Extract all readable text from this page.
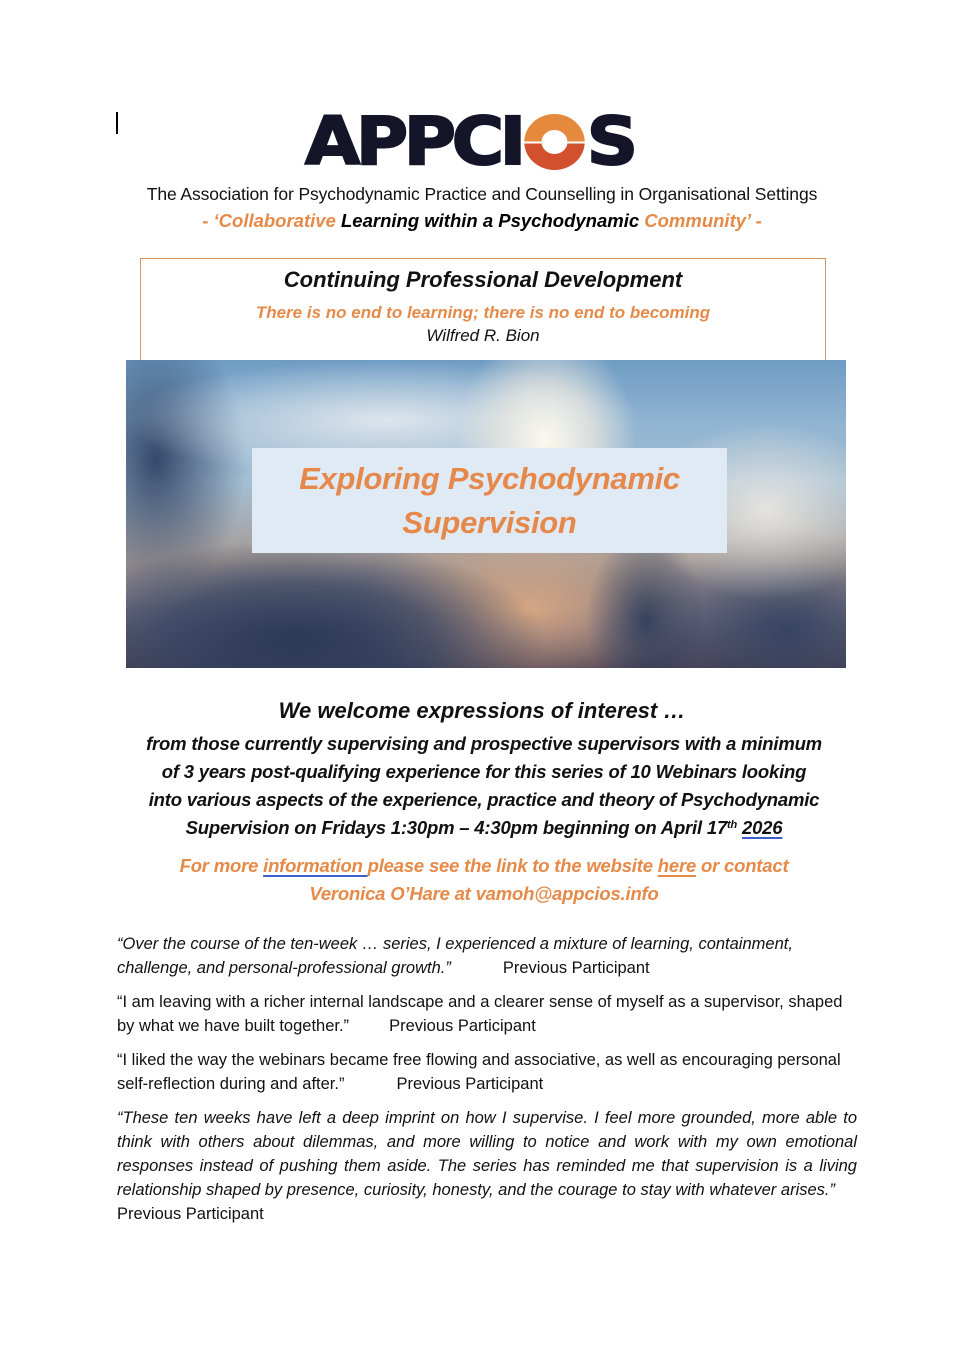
APPCI S
The Association for Psychodynamic Practice and Counselling in Organisational Settings
- ‘Collaborative Learning within a Psychodynamic Community’ -
Continuing Professional Development
There is no end to learning; there is no end to becoming
Wilfred R. Bion
Exploring Psychodynamic
Supervision
We welcome expressions of interest …
from those currently supervising and prospective supervisors with a minimum
of 3 years post-qualifying experience for this series of 10 Webinars looking
into various aspects of the experience, practice and theory of Psychodynamic
Supervision on Fridays 1:30pm – 4:30pm beginning on April 17th 2026
For more information please see the link to the website here or contact
Veronica O’Hare at vamoh@appcios.info
“Over the course of the ten-week … series, I experienced a mixture of learning, containment, challenge, and personal-professional growth.”	Previous Participant
“I am leaving with a richer internal landscape and a clearer sense of myself as a supervisor, shaped by what we have built together.” Previous Participant
“I liked the way the webinars became free flowing and associative, as well as encouraging personal self-reflection during and after.”	Previous Participant
“These ten weeks have left a deep imprint on how I supervise. I feel more grounded, more able to think with others about dilemmas, and more willing to notice and work with my own emotional responses instead of pushing them aside. The series has reminded me that supervision is a living relationship shaped by presence, curiosity, honesty, and the courage to stay with whatever arises.”Previous Participant
